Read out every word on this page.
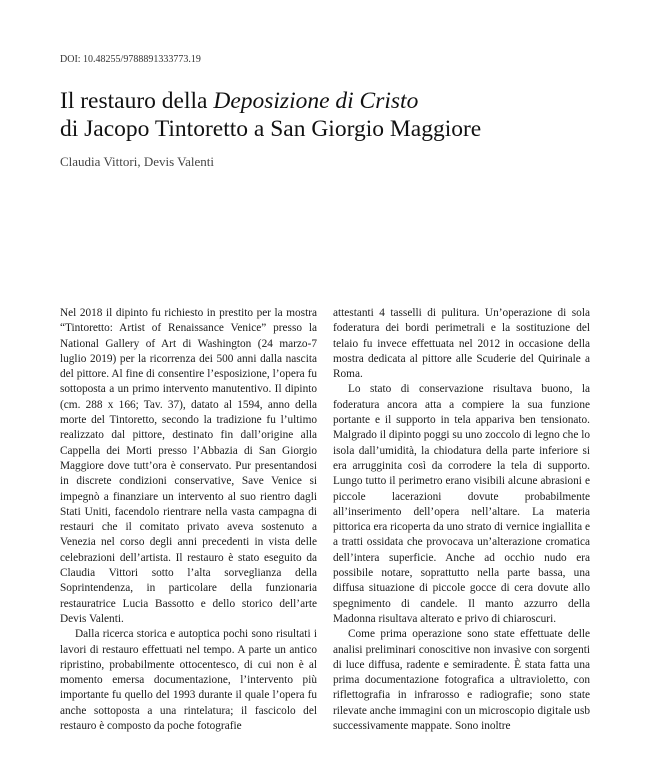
DOI: 10.48255/9788891333773.19
Il restauro della Deposizione di Cristo
di Jacopo Tintoretto a San Giorgio Maggiore
Claudia Vittori, Devis Valenti

Nel 2018 il dipinto fu richiesto in prestito per la mostra “Tintoretto: Artist of Renaissance Venice” presso la National Gallery of Art di Washington (24 marzo-7 luglio 2019) per la ricorrenza dei 500 anni dalla nascita del pittore. Al fine di consentire l’esposizione, l’opera fu sottoposta a un primo intervento manutentivo. Il dipinto (cm. 288 x 166; Tav. 37), datato al 1594, anno della morte del Tintoretto, secondo la tradizione fu l’ultimo realizzato dal pittore, destinato fin dall’origine alla Cappella dei Morti presso l’Abbazia di San Giorgio Maggiore dove tutt’ora è conservato. Pur presentandosi in discrete condizioni conservative, Save Venice si impegnò a finanziare un intervento al suo rientro dagli Stati Uniti, facendolo rientrare nella vasta campagna di restauri che il comitato privato aveva sostenuto a Venezia nel corso degli anni precedenti in vista delle celebrazioni dell’artista. Il restauro è stato eseguito da Claudia Vittori sotto l’alta sorveglianza della Soprintendenza, in particolare della funzionaria restauratrice Lucia Bassotto e dello storico dell’arte Devis Valenti.

Dalla ricerca storica e autoptica pochi sono risultati i lavori di restauro effettuati nel tempo. A parte un antico ripristino, probabilmente ottocentesco, di cui non è al momento emersa documentazione, l’intervento più importante fu quello del 1993 durante il quale l’opera fu anche sottoposta a una rintelatura; il fascicolo del restauro è composto da poche fotografie

attestanti 4 tasselli di pulitura. Un’operazione di sola foderatura dei bordi perimetrali e la sostituzione del telaio fu invece effettuata nel 2012 in occasione della mostra dedicata al pittore alle Scuderie del Quirinale a Roma.

Lo stato di conservazione risultava buono, la foderatura ancora atta a compiere la sua funzione portante e il supporto in tela appariva ben tensionato. Malgrado il dipinto poggi su uno zoccolo di legno che lo isola dall’umidità, la chiodatura della parte inferiore si era arrugginita così da corrodere la tela di supporto. Lungo tutto il perimetro erano visibili alcune abrasioni e piccole lacerazioni dovute probabilmente all’inserimento dell’opera nell’altare. La materia pittorica era ricoperta da uno strato di vernice ingiallita e a tratti ossidata che provocava un’alterazione cromatica dell’intera superficie. Anche ad occhio nudo era possibile notare, soprattutto nella parte bassa, una diffusa situazione di piccole gocce di cera dovute allo spegnimento di candele. Il manto azzurro della Madonna risultava alterato e privo di chiaroscuri.

Come prima operazione sono state effettuate delle analisi preliminari conoscitive non invasive con sorgenti di luce diffusa, radente e semiradente. È stata fatta una prima documentazione fotografica a ultravioletto, con riflettografia in infrarosso e radiografie; sono state rilevate anche immagini con un microscopio digitale usb successivamente mappate. Sono inoltre
